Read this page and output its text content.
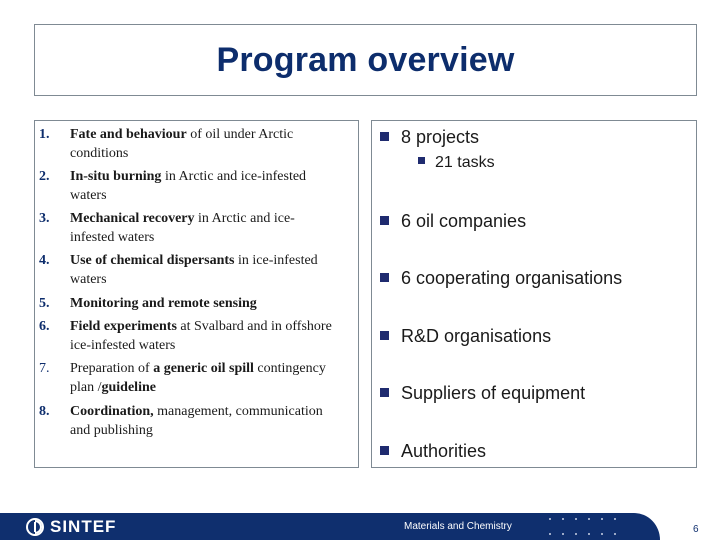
Program overview
1.	Fate and behaviour of oil under Arctic conditions
2.	In-situ burning in Arctic and ice-infested waters
3.	Mechanical recovery in Arctic and ice-infested waters
4.	Use of chemical dispersants in ice-infested waters
5.	Monitoring and remote sensing
6.	Field experiments at Svalbard and in offshore ice-infested waters
7.	Preparation of a generic oil spill contingency plan /guideline
8.	Coordination, management, communication and publishing
8 projects
21 tasks
6 oil companies
6 cooperating organisations
R&D organisations
Suppliers of equipment
Authorities
SINTEF	Materials and Chemistry	6
